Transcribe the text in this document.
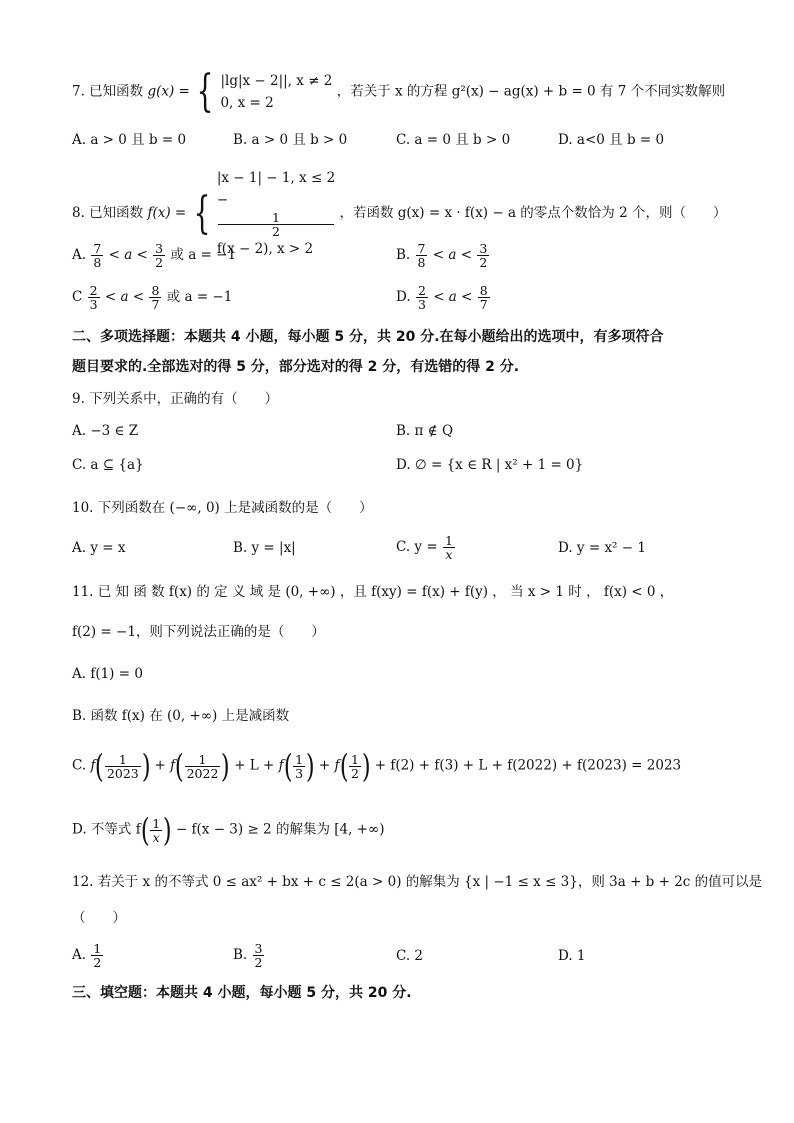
7. 已知函数 g(x) = { |lg|x − 2||, x ≠ 2
0, x = 2
，若关于 x 的方程 g²(x) − ag(x) + b = 0 有 7 个不同实数解则
A. a > 0 且 b = 0	B. a > 0 且 b > 0	C. a = 0 且 b > 0	D. a<0 且 b = 0
8. 已知函数 f(x) = {
|x − 1| − 1, x ≤ 2
−
1
2
f(x − 2), x > 2
，若函数 g(x) = x · f(x) − a 的零点个数恰为 2 个，则（　　）
A. $\frac{7}{8} < a < \frac{3}{2}$ 或 a = −1	B. $\frac{7}{8} < a < \frac{3}{2}$
C $\frac{2}{3} < a < \frac{8}{7}$ 或 a = −1	D. $\frac{2}{3} < a < \frac{8}{7}$
二、多项选择题：本题共 4 小题，每小题 5 分，共 20 分.在每小题给出的选项中，有多项符合
题目要求的.全部选对的得 5 分，部分选对的得 2 分，有选错的得 2 分.
9. 下列关系中，正确的有（　　）
A. −3 ∈ Z	B. π ∉ Q
C. a ⊆ {a}	D. ∅ = {x ∈ R | x² + 1 = 0}
10. 下列函数在 (−∞, 0) 上是减函数的是（　　）
A. y = x	B. y = |x|	C. $y = \frac{1}{x}$	D. y = x² − 1
11. 已 知 函 数 f(x) 的 定 义 域 是 (0, +∞) ，且 f(xy) = f(x) + f(y) ， 当 x > 1 时 ， f(x) < 0 ，
f(2) = −1，则下列说法正确的是（　　）
A. f(1) = 0
B. 函数 f(x) 在 (0, +∞) 上是减函数
C. $f( \frac{1}{2023}$ ) + $f( \frac{1}{2022}$ ) + $L + f( \frac{1}{3}$ ) + $f( \frac{1}{2}$ ) + f(2) + f(3) + L + f(2022) + f(2023) = 2023
D. 不等式 $f( \frac{1}{x}$ ) − f(x − 3) ≥ 2 的解集为 [4, +∞)
12. 若关于 x 的不等式 0 ≤ ax² + bx + c ≤ 2(a > 0) 的解集为 {x | −1 ≤ x ≤ 3}，则 3a + b + 2c 的值可以是
（　　）
A. $\frac{1}{2}$	B. $\frac{3}{2}$	C. 2	D. 1
三、填空题：本题共 4 小题，每小题 5 分，共 20 分.
